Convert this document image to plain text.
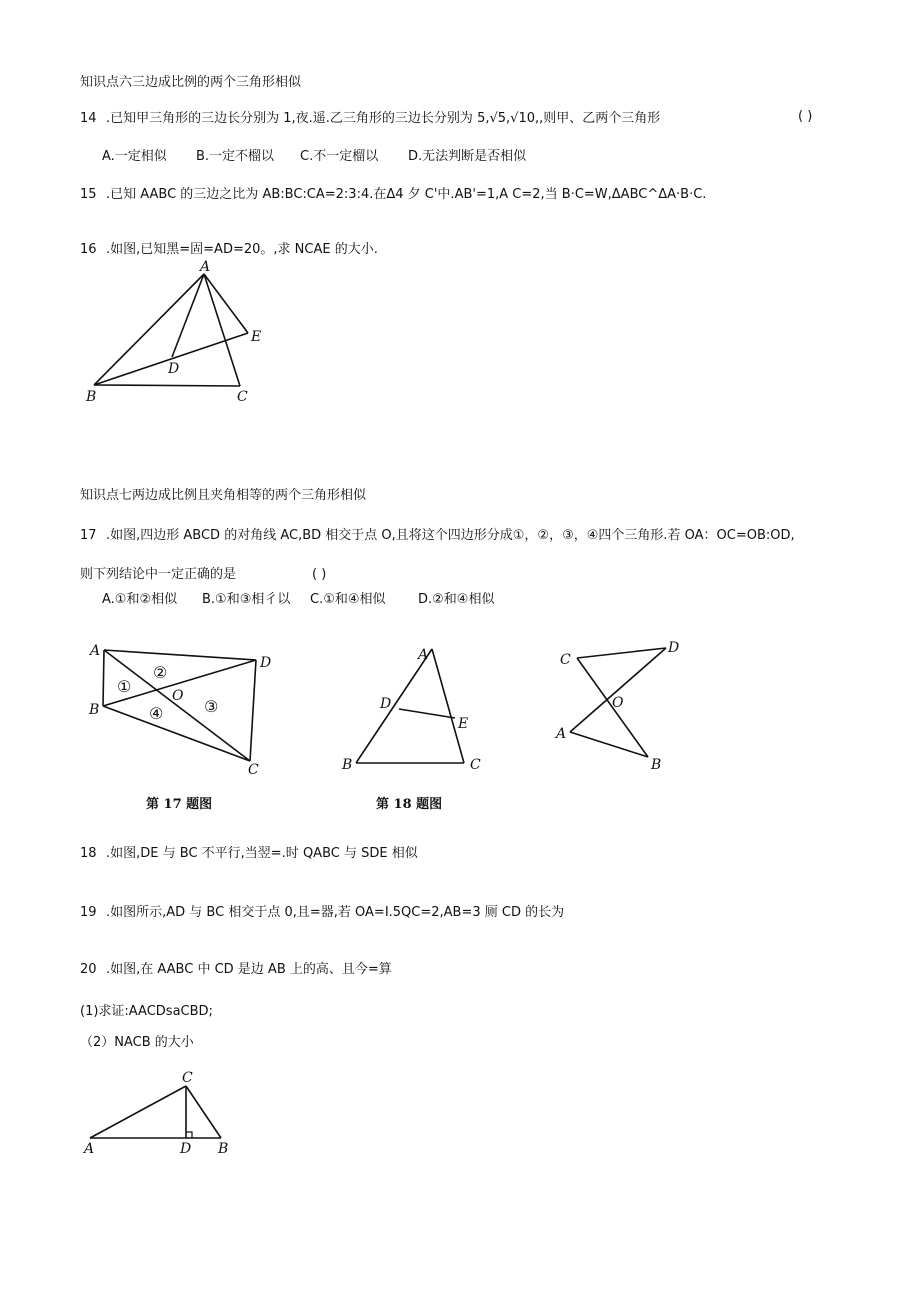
知识点六三边成比例的两个三角形相似
14 .已知甲三角形的三边长分别为 1,夜.遥.乙三角形的三边长分别为 5,√5,√10,,则甲、乙两个三角形	( )
A.一定相似 B.一定不榴以 C.不一定榴以 D.无法判断是否相似
15 .已知 AABC 的三边之比为 AB:BC:CA=2:3:4.在Δ4 夕 C'中.AB'=1,A C=2,当 B·C=W,ΔABC^ΔA·B·C.
16 .如图,已知黑=固=AD=20。,求 NCAE 的大小.
A
B	C
D
E
知识点七两边成比例且夹角相等的两个三角形相似
17 .如图,四边形 ABCD 的对角线 AC,BD 相交于点 O,且将这个四边形分成①，②，③，④四个三角形.若 OA：OC=OB:OD,
则下列结论中一定正确的是	( )
A.①和②相似 B.①和③相彳以 C.①和④相似 D.②和④相似
A
B
C
D
O
①
②
③
④
第 17 题图
A
B	C
D
E
第 18 题图
C
D
A
B
O
18 .如图,DE 与 BC 不平行,当翌=.时 QABC 与 SDE 相似
19 .如图所示,AD 与 BC 相交于点 0,且=器,若 OA=I.5QC=2,AB=3 厕 CD 的长为
20 .如图,在 AABC 中 CD 是边 AB 上的高、且今=算
(1)求证:AACDsaCBD;
（2）NACB 的大小
C
A	D B
